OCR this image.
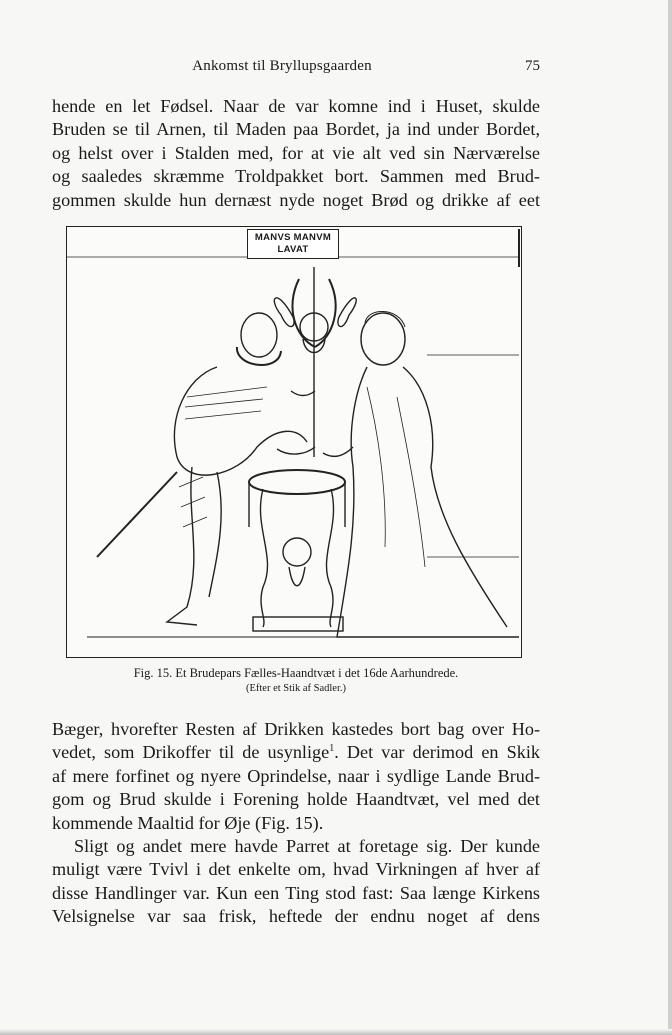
Ankomst til Bryllupsgaarden	75

hende en let Fødsel. Naar de var komne ind i Huset, skulde
Bruden se til Arnen, til Maden paa Bordet, ja ind under Bordet,
og helst over i Stalden med, for at vie alt ved sin Nærværelse
og saaledes skræmme Troldpakket bort. Sammen med Brud-
gommen skulde hun dernæst nyde noget Brød og drikke af eet

MANVS MANVM
LAVAT
Fig. 15. Et Brudepars Fælles-Haandtvæt i det 16de Aarhundrede.
(Efter et Stik af Sadler.)

Bæger, hvorefter Resten af Drikken kastedes bort bag over Ho-
vedet, som Drikoffer til de usynlige$^1$. Det var derimod en Skik
af mere forfinet og nyere Oprindelse, naar i sydlige Lande Brud-
gom og Brud skulde i Forening holde Haandtvæt, vel med det
kommende Maaltid for Øje (Fig. 15).

Sligt og andet mere havde Parret at foretage sig. Der kunde
muligt være Tvivl i det enkelte om, hvad Virkningen af hver af
disse Handlinger var. Kun een Ting stod fast: Saa længe Kirkens
Velsignelse var saa frisk, heftede der endnu noget af dens
